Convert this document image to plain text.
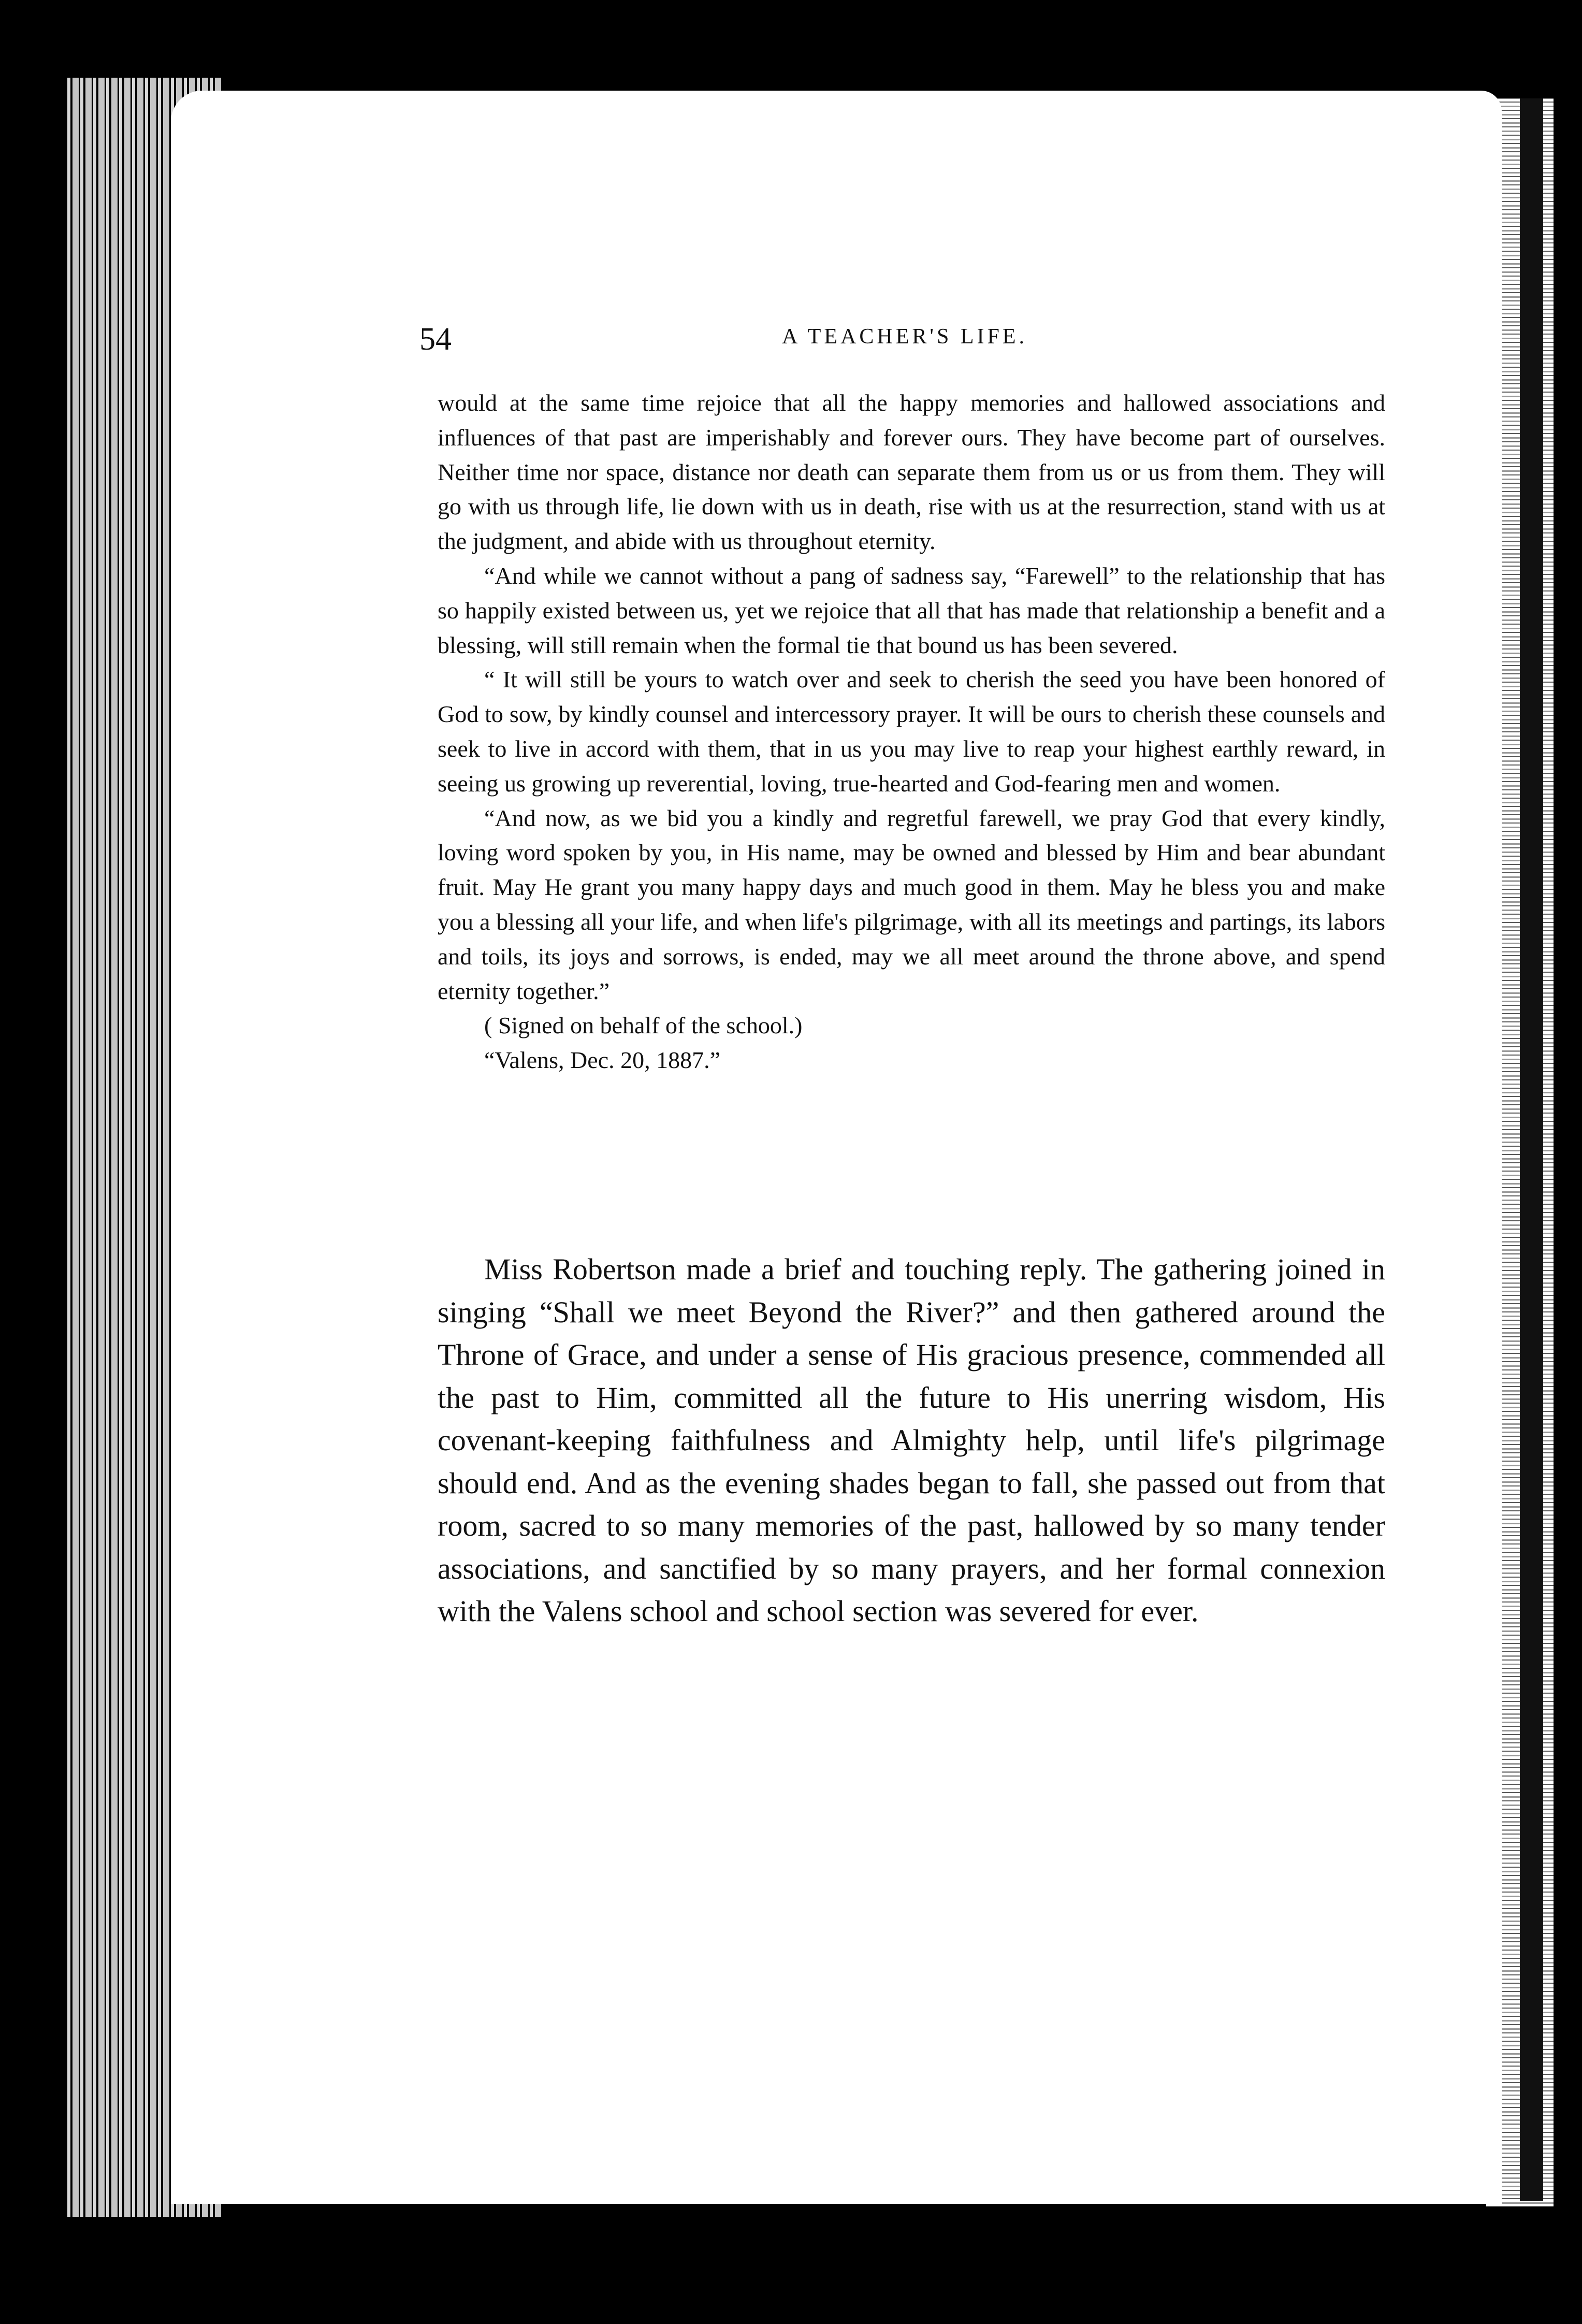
54	A TEACHER'S LIFE.

would at the same time rejoice that all the happy memories and hallowed associations and influences of that past are imperishably and forever ours. They have become part of ourselves. Neither time nor space, distance nor death can separate them from us or us from them. They will go with us through life, lie down with us in death, rise with us at the resurrection, stand with us at the judgment, and abide with us throughout eternity.

“And while we cannot without a pang of sadness say, “Farewell” to the relationship that has so happily existed between us, yet we rejoice that all that has made that relationship a benefit and a blessing, will still remain when the formal tie that bound us has been severed.

“ It will still be yours to watch over and seek to cherish the seed you have been honored of God to sow, by kindly counsel and intercessory prayer. It will be ours to cherish these counsels and seek to live in accord with them, that in us you may live to reap your highest earthly reward, in seeing us growing up reverential, loving, true-hearted and God-fearing men and women.

“And now, as we bid you a kindly and regretful farewell, we pray God that every kindly, loving word spoken by you, in His name, may be owned and blessed by Him and bear abundant fruit. May He grant you many happy days and much good in them. May he bless you and make you a blessing all your life, and when life's pilgrimage, with all its meetings and partings, its labors and toils, its joys and sorrows, is ended, may we all meet around the throne above, and spend eternity together.”

( Signed on behalf of the school.)

“Valens, Dec. 20, 1887.”

Miss Robertson made a brief and touching reply. The gathering joined in singing “Shall we meet Beyond the River?” and then gathered around the Throne of Grace, and under a sense of His gracious presence, commended all the past to Him, committed all the future to His unerring wisdom, His covenant-keeping faithfulness and Almighty help, until life's pilgrimage should end. And as the evening shades began to fall, she passed out from that room, sacred to so many memories of the past, hallowed by so many tender associations, and sanctified by so many prayers, and her formal connexion with the Valens school and school section was severed for ever.
